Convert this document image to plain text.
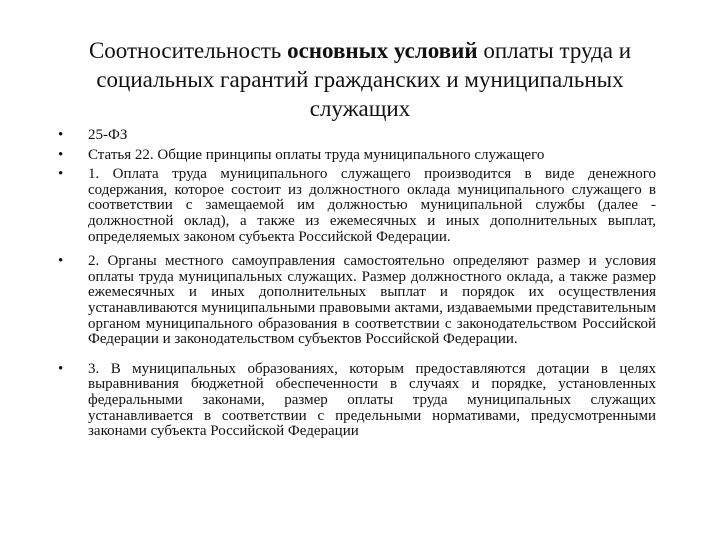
Соотносительность основных условий оплаты труда и социальных гарантий гражданских и муниципальных служащих
• 25-ФЗ
• Статья 22. Общие принципы оплаты труда муниципального служащего
• 1. Оплата труда муниципального служащего производится в виде денежного содержания, которое состоит из должностного оклада муниципального служащего в соответствии с замещаемой им должностью муниципальной службы (далее - должностной оклад), а также из ежемесячных и иных дополнительных выплат, определяемых законом субъекта Российской Федерации.
• 2. Органы местного самоуправления самостоятельно определяют размер и условия оплаты труда муниципальных служащих. Размер должностного оклада, а также размер ежемесячных и иных дополнительных выплат и порядок их осуществления устанавливаются муниципальными правовыми актами, издаваемыми представительным органом муниципального образования в соответствии с законодательством Российской Федерации и законодательством субъектов Российской Федерации.
• 3. В муниципальных образованиях, которым предоставляются дотации в целях выравнивания бюджетной обеспеченности в случаях и порядке, установленных федеральными законами, размер оплаты труда муниципальных служащих устанавливается в соответствии с предельными нормативами, предусмотренными законами субъекта Российской Федерации
